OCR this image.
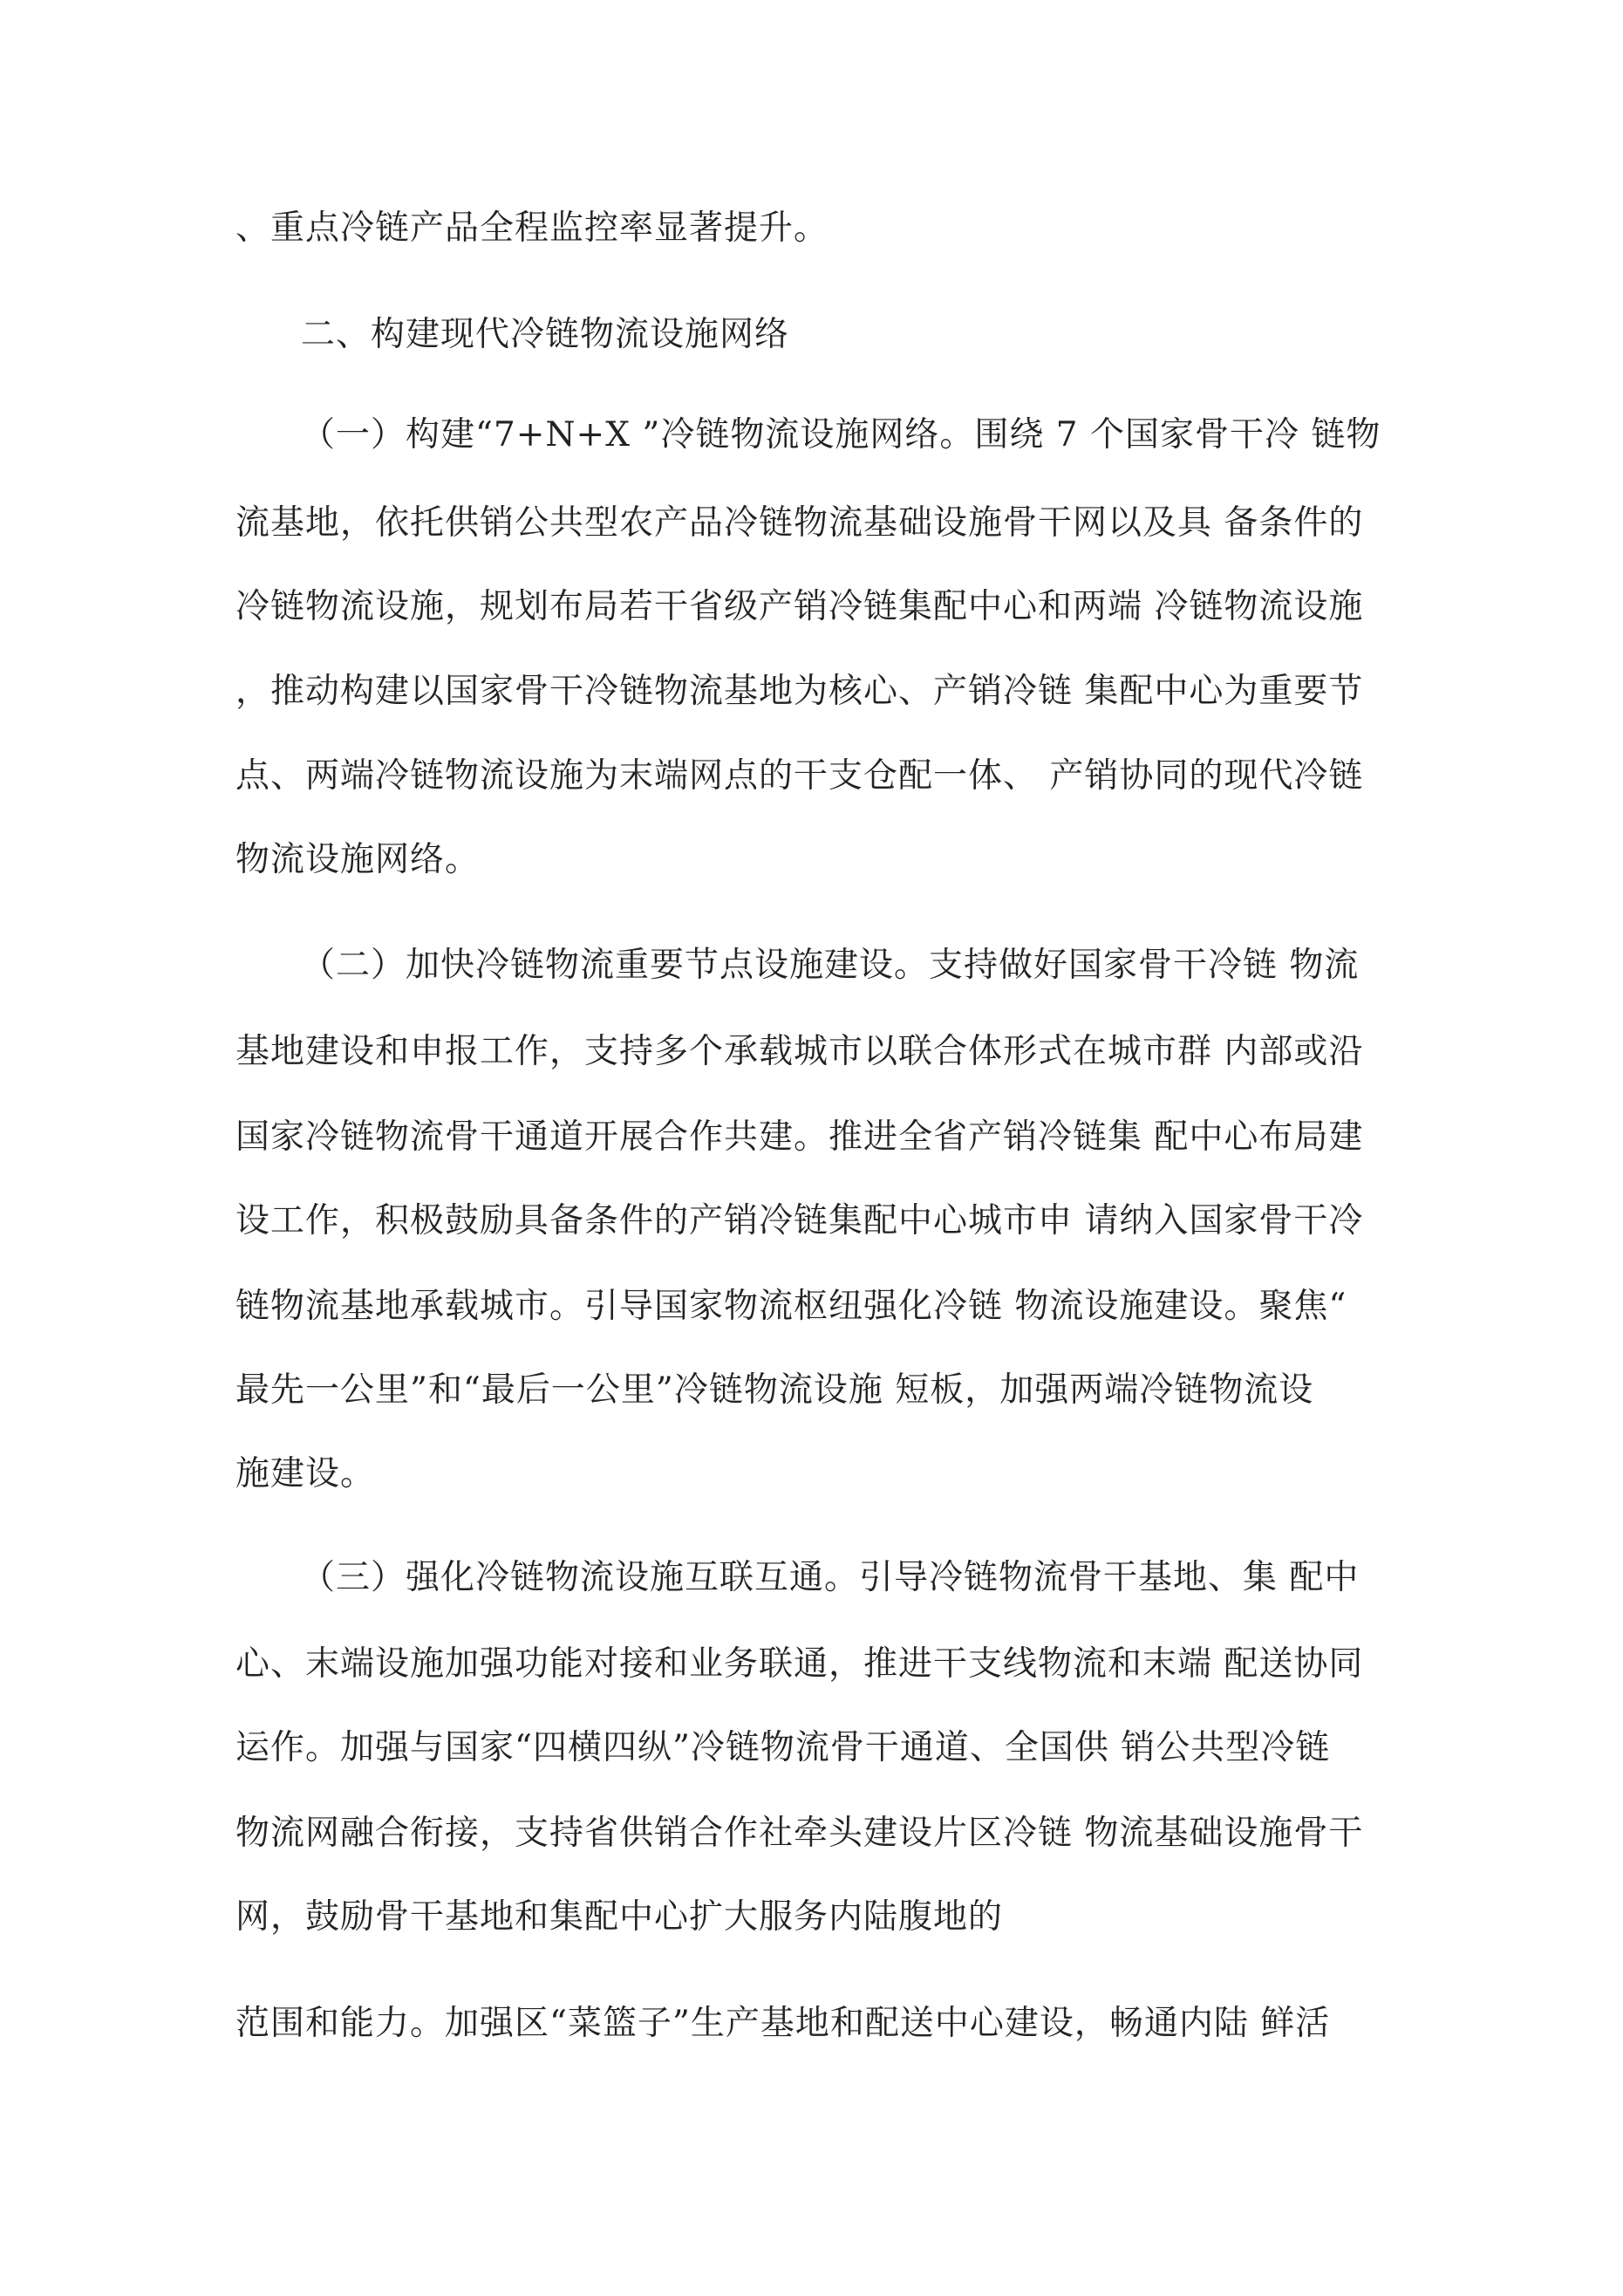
、重点冷链产品全程监控率显著提升。
二、构建现代冷链物流设施网络
（一）构建“7+N+X ”冷链物流设施网络。围绕 7 个国家骨干冷 链物
流基地，依托供销公共型农产品冷链物流基础设施骨干网以及具 备条件的
冷链物流设施，规划布局若干省级产销冷链集配中心和两端 冷链物流设施
，推动构建以国家骨干冷链物流基地为核心、产销冷链 集配中心为重要节
点、两端冷链物流设施为末端网点的干支仓配一体、 产销协同的现代冷链
物流设施网络。
（二）加快冷链物流重要节点设施建设。支持做好国家骨干冷链 物流
基地建设和申报工作，支持多个承载城市以联合体形式在城市群 内部或沿
国家冷链物流骨干通道开展合作共建。推进全省产销冷链集 配中心布局建
设工作，积极鼓励具备条件的产销冷链集配中心城市申 请纳入国家骨干冷
链物流基地承载城市。引导国家物流枢纽强化冷链 物流设施建设。聚焦“
最先一公里”和“最后一公里”冷链物流设施 短板，加强两端冷链物流设
施建设。
（三）强化冷链物流设施互联互通。引导冷链物流骨干基地、集 配中
心、末端设施加强功能对接和业务联通，推进干支线物流和末端 配送协同
运作。加强与国家“四横四纵”冷链物流骨干通道、全国供 销公共型冷链
物流网融合衔接，支持省供销合作社牵头建设片区冷链 物流基础设施骨干
网，鼓励骨干基地和集配中心扩大服务内陆腹地的
范围和能力。加强区“菜篮子”生产基地和配送中心建设，畅通内陆 鲜活
